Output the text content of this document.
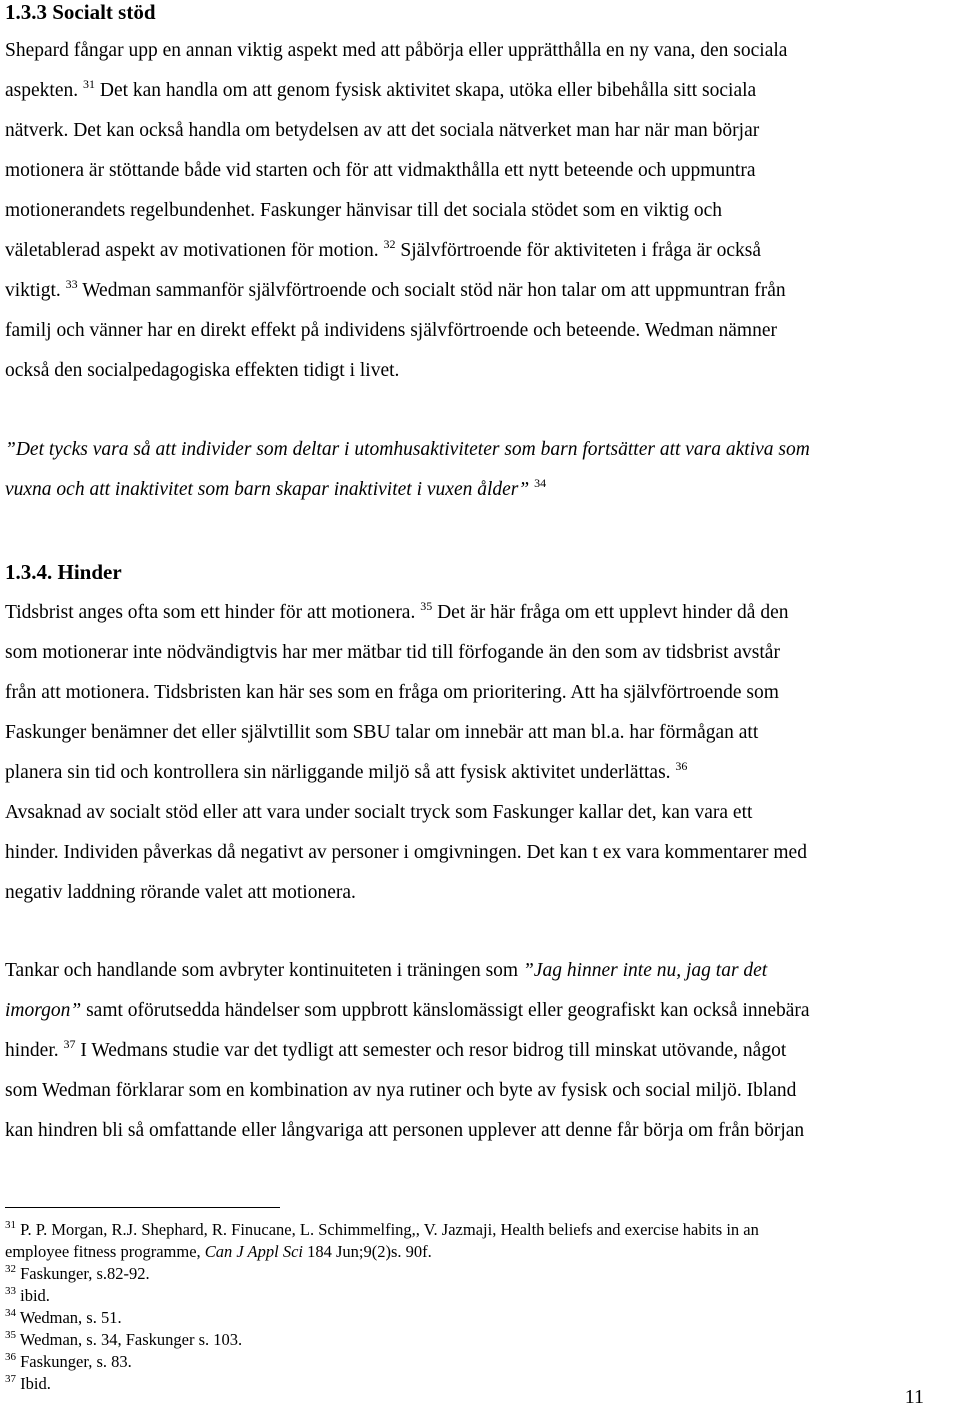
1.3.3 Socialt stöd
Shepard fångar upp en annan viktig aspekt med att påbörja eller upprätthålla en ny vana, den sociala
aspekten. $^{31}$ Det kan handla om att genom fysisk aktivitet skapa, utöka eller bibehålla sitt sociala
nätverk. Det kan också handla om betydelsen av att det sociala nätverket man har när man börjar
motionera är stöttande både vid starten och för att vidmakthålla ett nytt beteende och uppmuntra
motionerandets regelbundenhet. Faskunger hänvisar till det sociala stödet som en viktig och
väletablerad aspekt av motivationen för motion. $^{32}$ Självförtroende för aktiviteten i fråga är också
viktigt. $^{33}$ Wedman sammanför självförtroende och socialt stöd när hon talar om att uppmuntran från
familj och vänner har en direkt effekt på individens självförtroende och beteende. Wedman nämner
också den socialpedagogiska effekten tidigt i livet.
”Det tycks vara så att individer som deltar i utomhusaktiviteter som barn fortsätter att vara aktiva som
vuxna och att inaktivitet som barn skapar inaktivitet i vuxen ålder” $^{34}$
1.3.4. Hinder
Tidsbrist anges ofta som ett hinder för att motionera. $^{35}$ Det är här fråga om ett upplevt hinder då den
som motionerar inte nödvändigtvis har mer mätbar tid till förfogande än den som av tidsbrist avstår
från att motionera. Tidsbristen kan här ses som en fråga om prioritering. Att ha självförtroende som
Faskunger benämner det eller självtillit som SBU talar om innebär att man bl.a. har förmågan att
planera sin tid och kontrollera sin närliggande miljö så att fysisk aktivitet underlättas. $^{36}$
Avsaknad av socialt stöd eller att vara under socialt tryck som Faskunger kallar det, kan vara ett
hinder. Individen påverkas då negativt av personer i omgivningen. Det kan t ex vara kommentarer med
negativ laddning rörande valet att motionera.
Tankar och handlande som avbryter kontinuiteten i träningen som ”Jag hinner inte nu, jag tar det
imorgon” samt oförutsedda händelser som uppbrott känslomässigt eller geografiskt kan också innebära
hinder. $^{37}$ I Wedmans studie var det tydligt att semester och resor bidrog till minskat utövande, något
som Wedman förklarar som en kombination av nya rutiner och byte av fysisk och social miljö. Ibland
kan hindren bli så omfattande eller långvariga att personen upplever att denne får börja om från början
$^{31}$ P. P. Morgan, R.J. Shephard, R. Finucane, L. Schimmelfing,, V. Jazmaji, Health beliefs and exercise habits in an
employee fitness programme, Can J Appl Sci 184 Jun;9(2)s. 90f.
$^{32}$ Faskunger, s.82-92.
$^{33}$ ibid.
$^{34}$ Wedman, s. 51.
$^{35}$ Wedman, s. 34, Faskunger s. 103.
$^{36}$ Faskunger, s. 83.
$^{37}$ Ibid.
11
